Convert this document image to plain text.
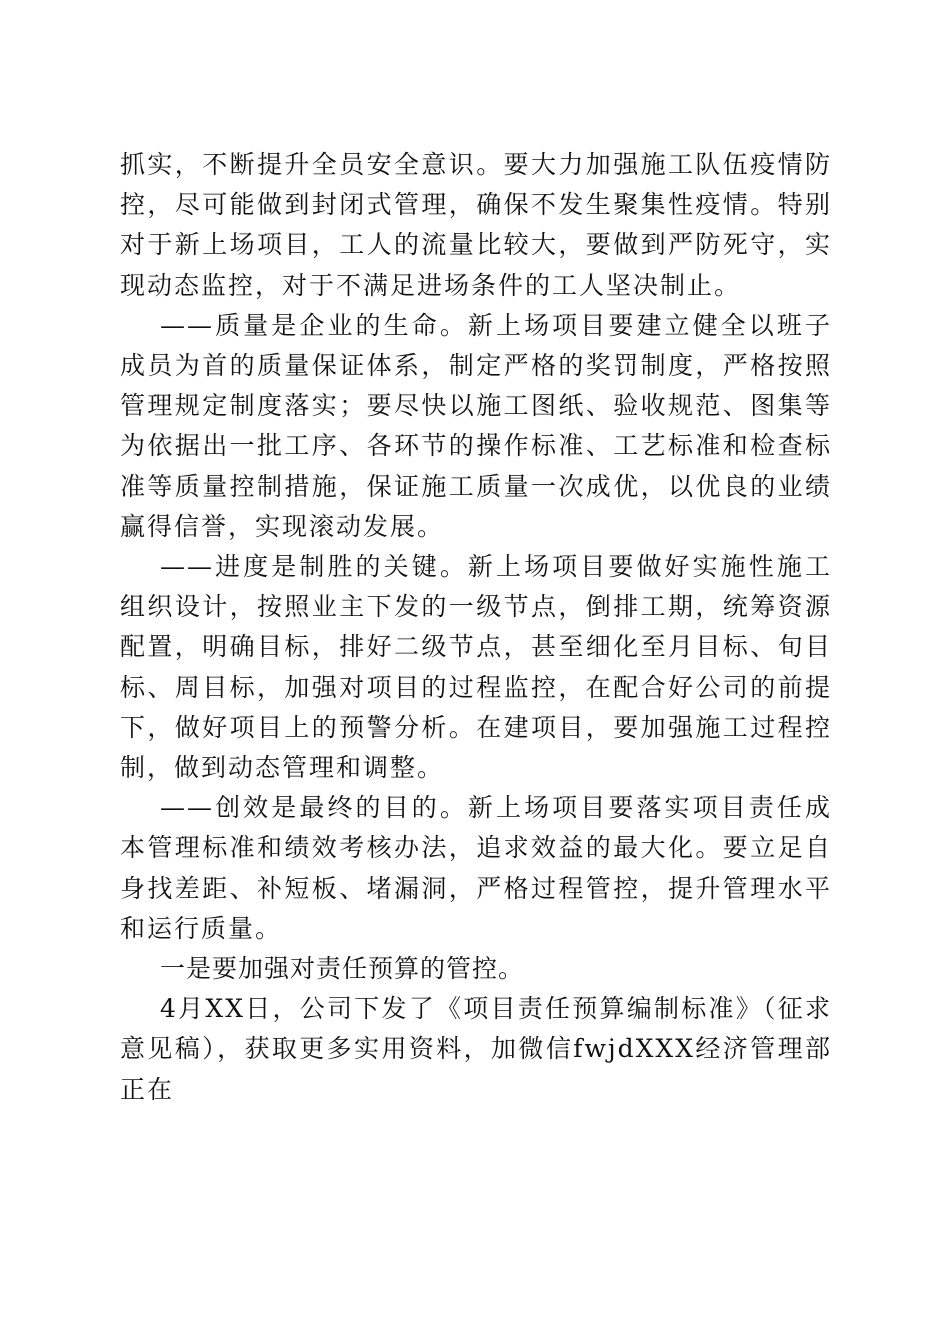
抓实，不断提升全员安全意识。要大力加强施工队伍疫情防控，尽可能做到封闭式管理，确保不发生聚集性疫情。特别对于新上场项目，工人的流量比较大，要做到严防死守，实现动态监控，对于不满足进场条件的工人坚决制止。

——质量是企业的生命。新上场项目要建立健全以班子成员为首的质量保证体系，制定严格的奖罚制度，严格按照管理规定制度落实；要尽快以施工图纸、验收规范、图集等为依据出一批工序、各环节的操作标准、工艺标准和检查标准等质量控制措施，保证施工质量一次成优，以优良的业绩赢得信誉，实现滚动发展。

——进度是制胜的关键。新上场项目要做好实施性施工组织设计，按照业主下发的一级节点，倒排工期，统筹资源配置，明确目标，排好二级节点，甚至细化至月目标、旬目标、周目标，加强对项目的过程监控，在配合好公司的前提下，做好项目上的预警分析。在建项目，要加强施工过程控制，做到动态管理和调整。

——创效是最终的目的。新上场项目要落实项目责任成本管理标准和绩效考核办法，追求效益的最大化。要立足自身找差距、补短板、堵漏洞，严格过程管控，提升管理水平和运行质量。

一是要加强对责任预算的管控。

4月XX日，公司下发了《项目责任预算编制标准》（征求意见稿），获取更多实用资料，加微信fwjdXXX经济管理部正在
